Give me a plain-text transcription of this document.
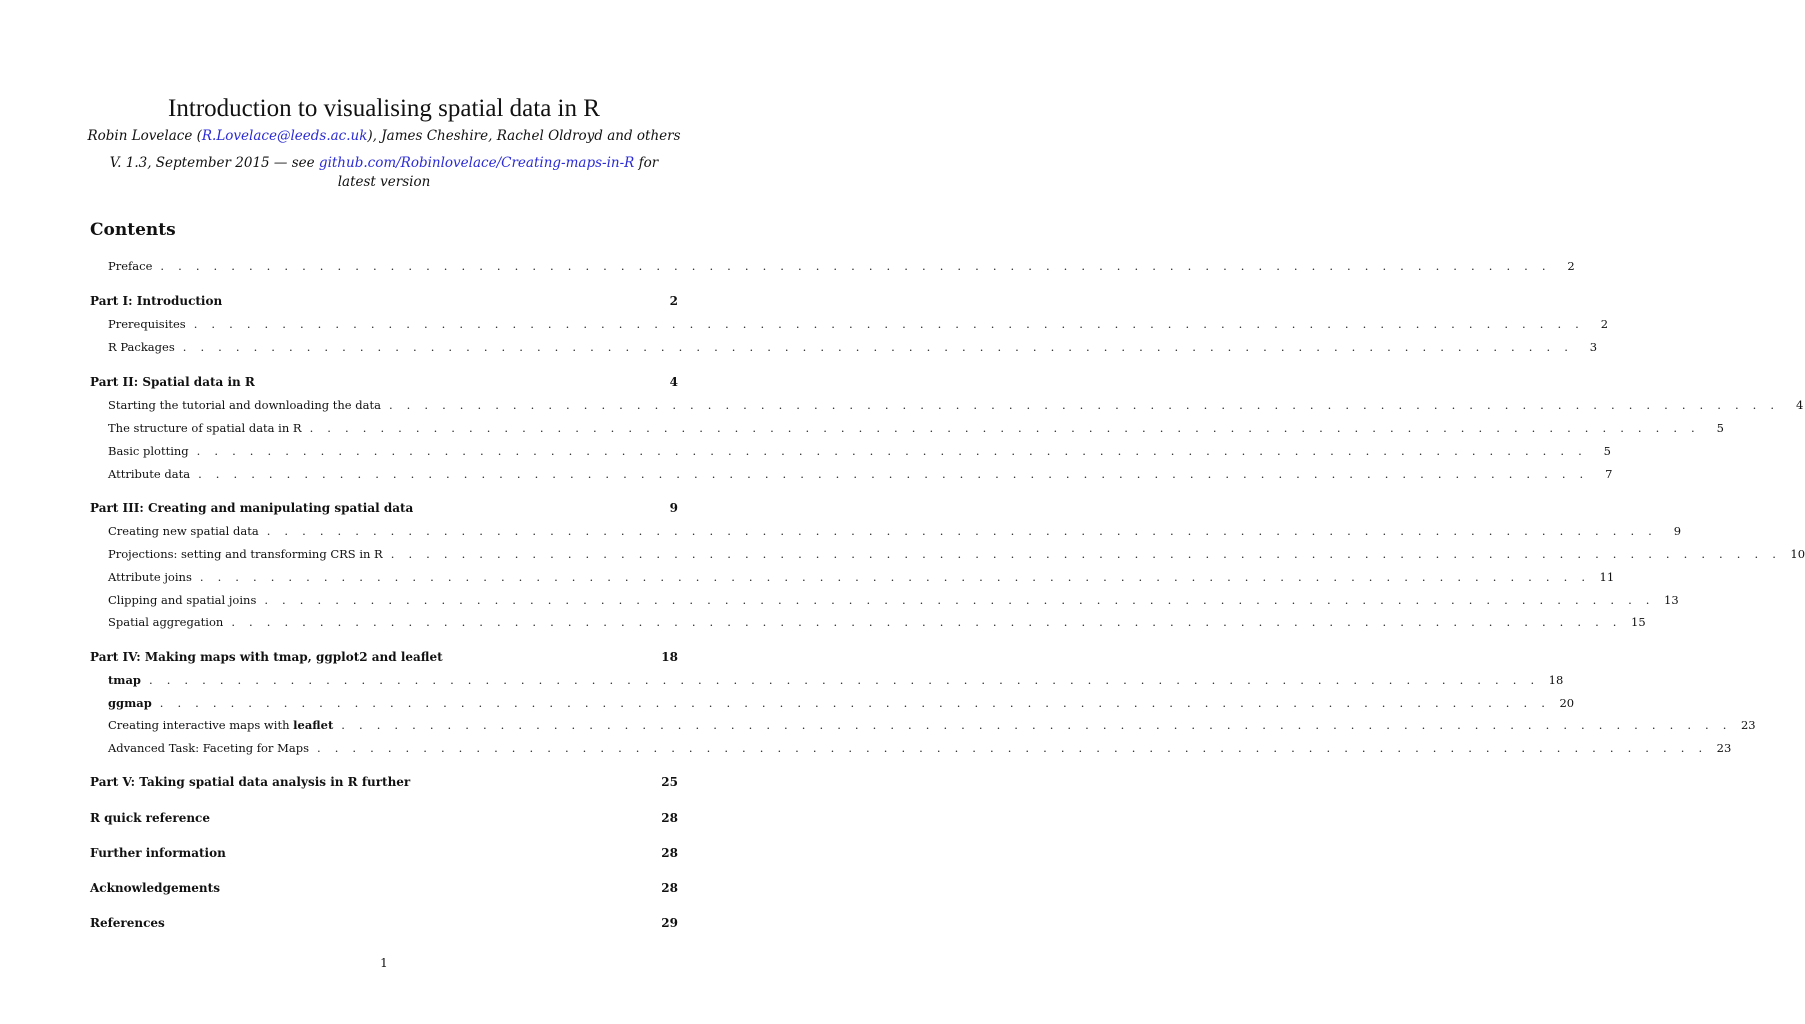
Introduction to visualising spatial data in R
Robin Lovelace (R.Lovelace@leeds.ac.uk), James Cheshire, Rachel Oldroyd and others
V. 1.3, September 2015 — see github.com/Robinlovelace/Creating-maps-in-R for latest version
Contents
Preface . . . . . . . . . . . . . . . . . . . . . . . . . . . . . . . . . . . . . . . . . . . . . . . . . . . . . . . . . . . . . . . . . . . . . . . . . . . . . . .	2
Part I: Introduction	2
Prerequisites . . . . . . . . . . . . . . . . . . . . . . . . . . . . . . . . . . . . . . . . . . . . . . . . . . . . . . . . . . . . . . . . . . . . . . . . . . . . . . .	2
R Packages . . . . . . . . . . . . . . . . . . . . . . . . . . . . . . . . . . . . . . . . . . . . . . . . . . . . . . . . . . . . . . . . . . . . . . . . . . . . . . .	3
Part II: Spatial data in R	4
Starting the tutorial and downloading the data . . . . . . . . . . . . . . . . . . . . . . . . . . . . . . . . . . . . . . . . . . . . . . . . . . . . . . . . . . . . . . . . . . . . . . . . . . . . . . .	4
The structure of spatial data in R . . . . . . . . . . . . . . . . . . . . . . . . . . . . . . . . . . . . . . . . . . . . . . . . . . . . . . . . . . . . . . . . . . . . . . . . . . . . . . .	5
Basic plotting . . . . . . . . . . . . . . . . . . . . . . . . . . . . . . . . . . . . . . . . . . . . . . . . . . . . . . . . . . . . . . . . . . . . . . . . . . . . . . .	5
Attribute data . . . . . . . . . . . . . . . . . . . . . . . . . . . . . . . . . . . . . . . . . . . . . . . . . . . . . . . . . . . . . . . . . . . . . . . . . . . . . . .	7
Part III: Creating and manipulating spatial data	9
Creating new spatial data . . . . . . . . . . . . . . . . . . . . . . . . . . . . . . . . . . . . . . . . . . . . . . . . . . . . . . . . . . . . . . . . . . . . . . . . . . . . . . .	9
Projections: setting and transforming CRS in R . . . . . . . . . . . . . . . . . . . . . . . . . . . . . . . . . . . . . . . . . . . . . . . . . . . . . . . . . . . . . . . . . . . . . . . . . . . . . . . 10
Attribute joins . . . . . . . . . . . . . . . . . . . . . . . . . . . . . . . . . . . . . . . . . . . . . . . . . . . . . . . . . . . . . . . . . . . . . . . . . . . . . . . 11
Clipping and spatial joins . . . . . . . . . . . . . . . . . . . . . . . . . . . . . . . . . . . . . . . . . . . . . . . . . . . . . . . . . . . . . . . . . . . . . . . . . . . . . . . 13
Spatial aggregation . . . . . . . . . . . . . . . . . . . . . . . . . . . . . . . . . . . . . . . . . . . . . . . . . . . . . . . . . . . . . . . . . . . . . . . . . . . . . . . 15
Part IV: Making maps with tmap, ggplot2 and leaflet	18
tmap . . . . . . . . . . . . . . . . . . . . . . . . . . . . . . . . . . . . . . . . . . . . . . . . . . . . . . . . . . . . . . . . . . . . . . . . . . . . . . . 18
ggmap . . . . . . . . . . . . . . . . . . . . . . . . . . . . . . . . . . . . . . . . . . . . . . . . . . . . . . . . . . . . . . . . . . . . . . . . . . . . . . . 20
Creating interactive maps with leaflet . . . . . . . . . . . . . . . . . . . . . . . . . . . . . . . . . . . . . . . . . . . . . . . . . . . . . . . . . . . . . . . . . . . . . . . . . . . . . . . 23
Advanced Task: Faceting for Maps . . . . . . . . . . . . . . . . . . . . . . . . . . . . . . . . . . . . . . . . . . . . . . . . . . . . . . . . . . . . . . . . . . . . . . . . . . . . . . . 23
Part V: Taking spatial data analysis in R further	25
R quick reference	28
Further information	28
Acknowledgements	28
References	29
1
